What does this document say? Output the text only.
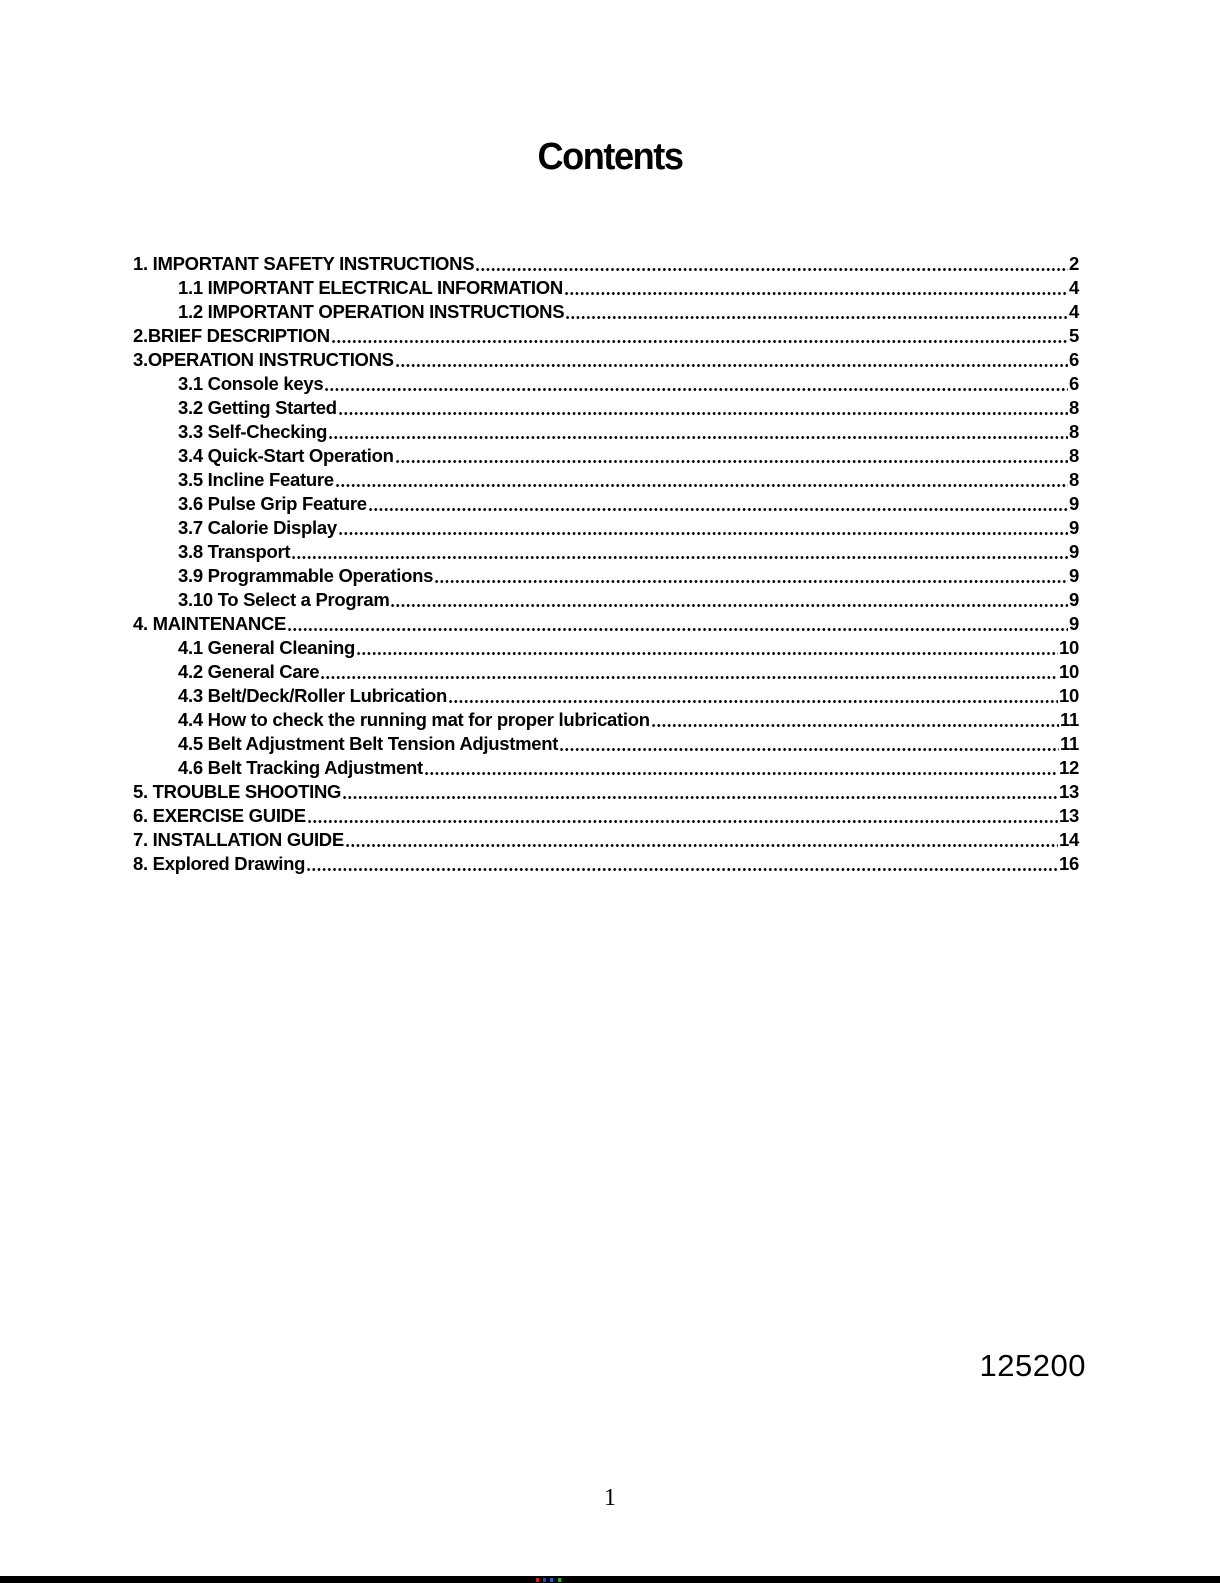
Contents
1. IMPORTANT SAFETY INSTRUCTIONS	2
1.1 IMPORTANT ELECTRICAL INFORMATION	4
1.2 IMPORTANT OPERATION INSTRUCTIONS	4
2.BRIEF DESCRIPTION	5
3.OPERATION INSTRUCTIONS	6
3.1 Console keys	6
3.2 Getting Started	8
3.3 Self-Checking	8
3.4 Quick-Start Operation	8
3.5 Incline Feature	8
3.6 Pulse Grip Feature	9
3.7 Calorie Display	9
3.8 Transport	9
3.9 Programmable Operations	9
3.10 To Select a Program	9
4. MAINTENANCE	9
4.1 General Cleaning	10
4.2 General Care	10
4.3 Belt/Deck/Roller Lubrication	10
4.4 How to check the running mat for proper lubrication	11
4.5 Belt Adjustment Belt Tension Adjustment	11
4.6 Belt Tracking Adjustment	12
5. TROUBLE SHOOTING	13
6. EXERCISE GUIDE	13
7. INSTALLATION GUIDE	14
8. Explored Drawing	16
125200
1
